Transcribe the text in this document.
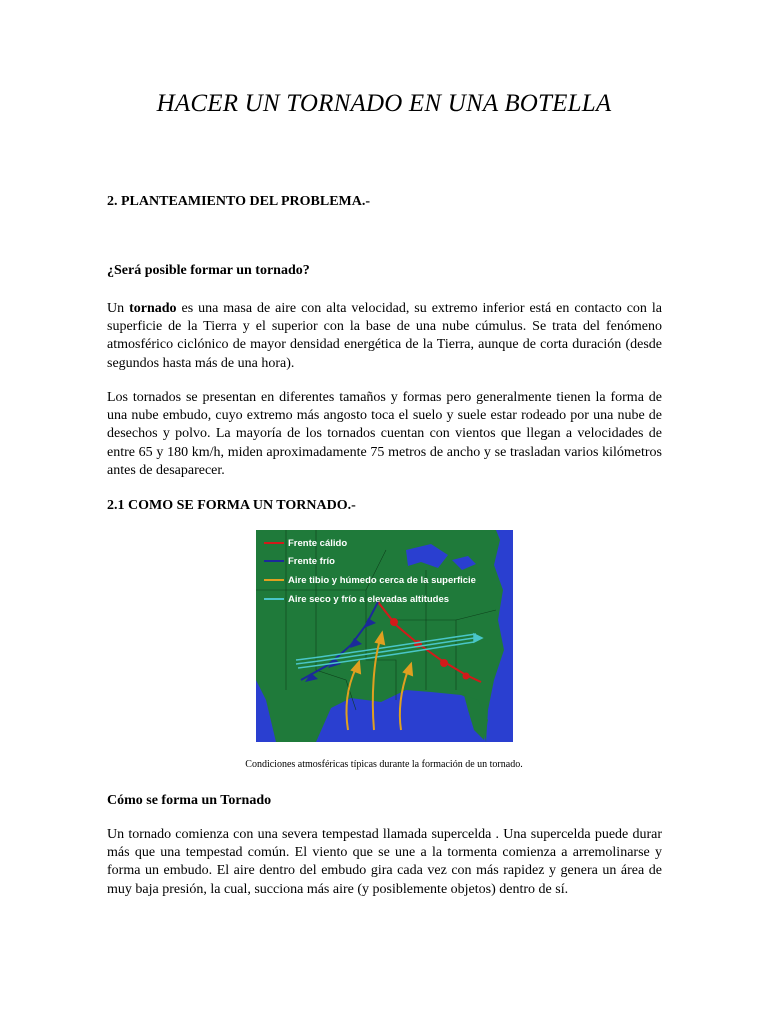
HACER UN TORNADO EN UNA BOTELLA
2. PLANTEAMIENTO DEL PROBLEMA.-
¿Será posible formar un tornado?
Un tornado es una masa de aire con alta velocidad, su extremo inferior está en contacto con la superficie de la Tierra y el superior con la base de una nube cúmulus. Se trata del fenómeno atmosférico ciclónico de mayor densidad energética de la Tierra, aunque de corta duración (desde segundos hasta más de una hora).
Los tornados se presentan en diferentes tamaños y formas pero generalmente tienen la forma de una nube embudo, cuyo extremo más angosto toca el suelo y suele estar rodeado por una nube de desechos y polvo. La mayoría de los tornados cuentan con vientos que llegan a velocidades de entre 65 y 180 km/h, miden aproximadamente 75 metros de ancho y se trasladan varios kilómetros antes de desaparecer.
2.1 COMO SE FORMA UN TORNADO.-
Frente cálido
Frente frío
Aire tibio y húmedo cerca de la superficie
Aire seco y frío a elevadas altitudes
Condiciones atmosféricas típicas durante la formación de un tornado.
Cómo se forma un Tornado
Un tornado comienza con una severa tempestad llamada supercelda . Una supercelda puede durar más que una tempestad común. El viento que se une a la tormenta comienza a arremolinarse y forma un embudo. El aire dentro del embudo gira cada vez con más rapidez y genera un área de muy baja presión, la cual, succiona más aire (y posiblemente objetos) dentro de sí.
